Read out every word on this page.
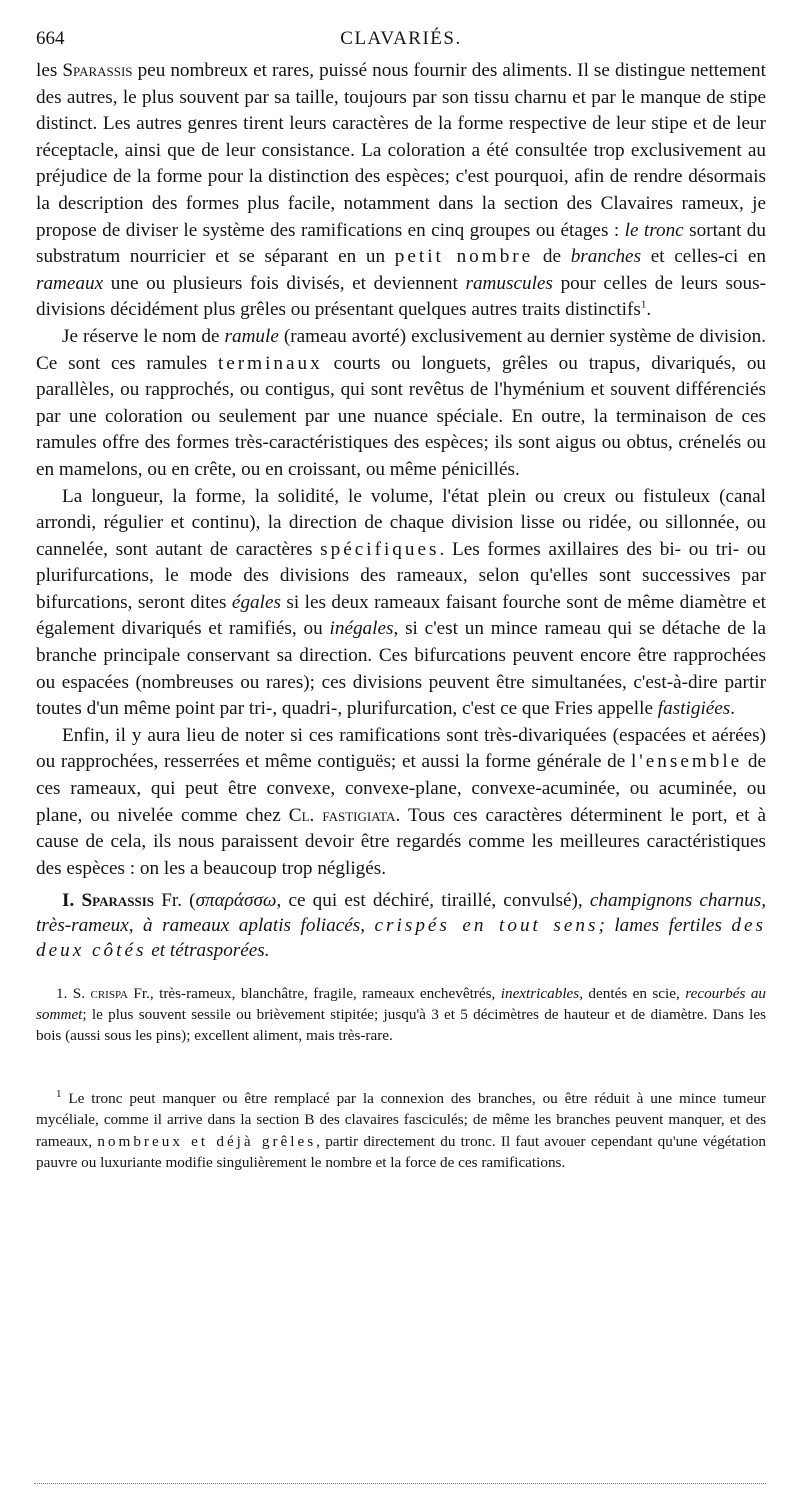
664	CLAVARIÉS.

les Sparassis peu nombreux et rares, puissé nous fournir des aliments. Il se distingue nettement des autres, le plus souvent par sa taille, toujours par son tissu charnu et par le manque de stipe distinct. Les autres genres tirent leurs caractères de la forme respective de leur stipe et de leur réceptacle, ainsi que de leur consistance. La coloration a été consultée trop exclusivement au préjudice de la forme pour la distinction des espèces; c'est pourquoi, afin de rendre désormais la description des formes plus facile, notamment dans la section des Clavaires rameux, je propose de diviser le système des ramifications en cinq groupes ou étages : le tronc sortant du substratum nourricier et se séparant en un petit nombre de branches et celles-ci en rameaux une ou plusieurs fois divisés, et deviennent ramuscules pour celles de leurs sous-divisions décidément plus grêles ou présentant quelques autres traits distinctifs$^1$.

Je réserve le nom de ramule (rameau avorté) exclusivement au dernier système de division. Ce sont ces ramules terminaux courts ou longuets, grêles ou trapus, divariqués, ou parallèles, ou rapprochés, ou contigus, qui sont revêtus de l'hyménium et souvent différenciés par une coloration ou seulement par une nuance spéciale. En outre, la terminaison de ces ramules offre des formes très-caractéristiques des espèces; ils sont aigus ou obtus, crénelés ou en mamelons, ou en crête, ou en croissant, ou même pénicillés.

La longueur, la forme, la solidité, le volume, l'état plein ou creux ou fistuleux (canal arrondi, régulier et continu), la direction de chaque division lisse ou ridée, ou sillonnée, ou cannelée, sont autant de caractères spécifiques. Les formes axillaires des bi- ou tri- ou plurifurcations, le mode des divisions des rameaux, selon qu'elles sont successives par bifurcations, seront dites égales si les deux rameaux faisant fourche sont de même diamètre et également divariqués et ramifiés, ou inégales, si c'est un mince rameau qui se détache de la branche principale conservant sa direction. Ces bifurcations peuvent encore être rapprochées ou espacées (nombreuses ou rares); ces divisions peuvent être simultanées, c'est-à-dire partir toutes d'un même point par tri-, quadri-, plurifurcation, c'est ce que Fries appelle fastigiées.

Enfin, il y aura lieu de noter si ces ramifications sont très-divariquées (espacées et aérées) ou rapprochées, resserrées et même contiguës; et aussi la forme générale de l'ensemble de ces rameaux, qui peut être convexe, convexe-plane, convexe-acuminée, ou acuminée, ou plane, ou nivelée comme chez Cl. fastigiata. Tous ces caractères déterminent le port, et à cause de cela, ils nous paraissent devoir être regardés comme les meilleures caractéristiques des espèces : on les a beaucoup trop négligés.

I. Sparassis Fr. (σπαράσσω, ce qui est déchiré, tiraillé, convulsé), champignons charnus, très-rameux, à rameaux aplatis foliacés, crispés en tout sens; lames fertiles des deux côtés et tétrasporées.

1. S. crispa Fr., très-rameux, blanchâtre, fragile, rameaux enchevêtrés, inextricables, dentés en scie, recourbés au sommet; le plus souvent sessile ou brièvement stipitée; jusqu'à 3 et 5 décimètres de hauteur et de diamètre. Dans les bois (aussi sous les pins); excellent aliment, mais très-rare.

$^1$ Le tronc peut manquer ou être remplacé par la connexion des branches, ou être réduit à une mince tumeur mycéliale, comme il arrive dans la section B des clavaires fasciculés; de même les branches peuvent manquer, et des rameaux, nombreux et déjà grêles, partir directement du tronc. Il faut avouer cependant qu'une végétation pauvre ou luxuriante modifie singulièrement le nombre et la force de ces ramifications.
